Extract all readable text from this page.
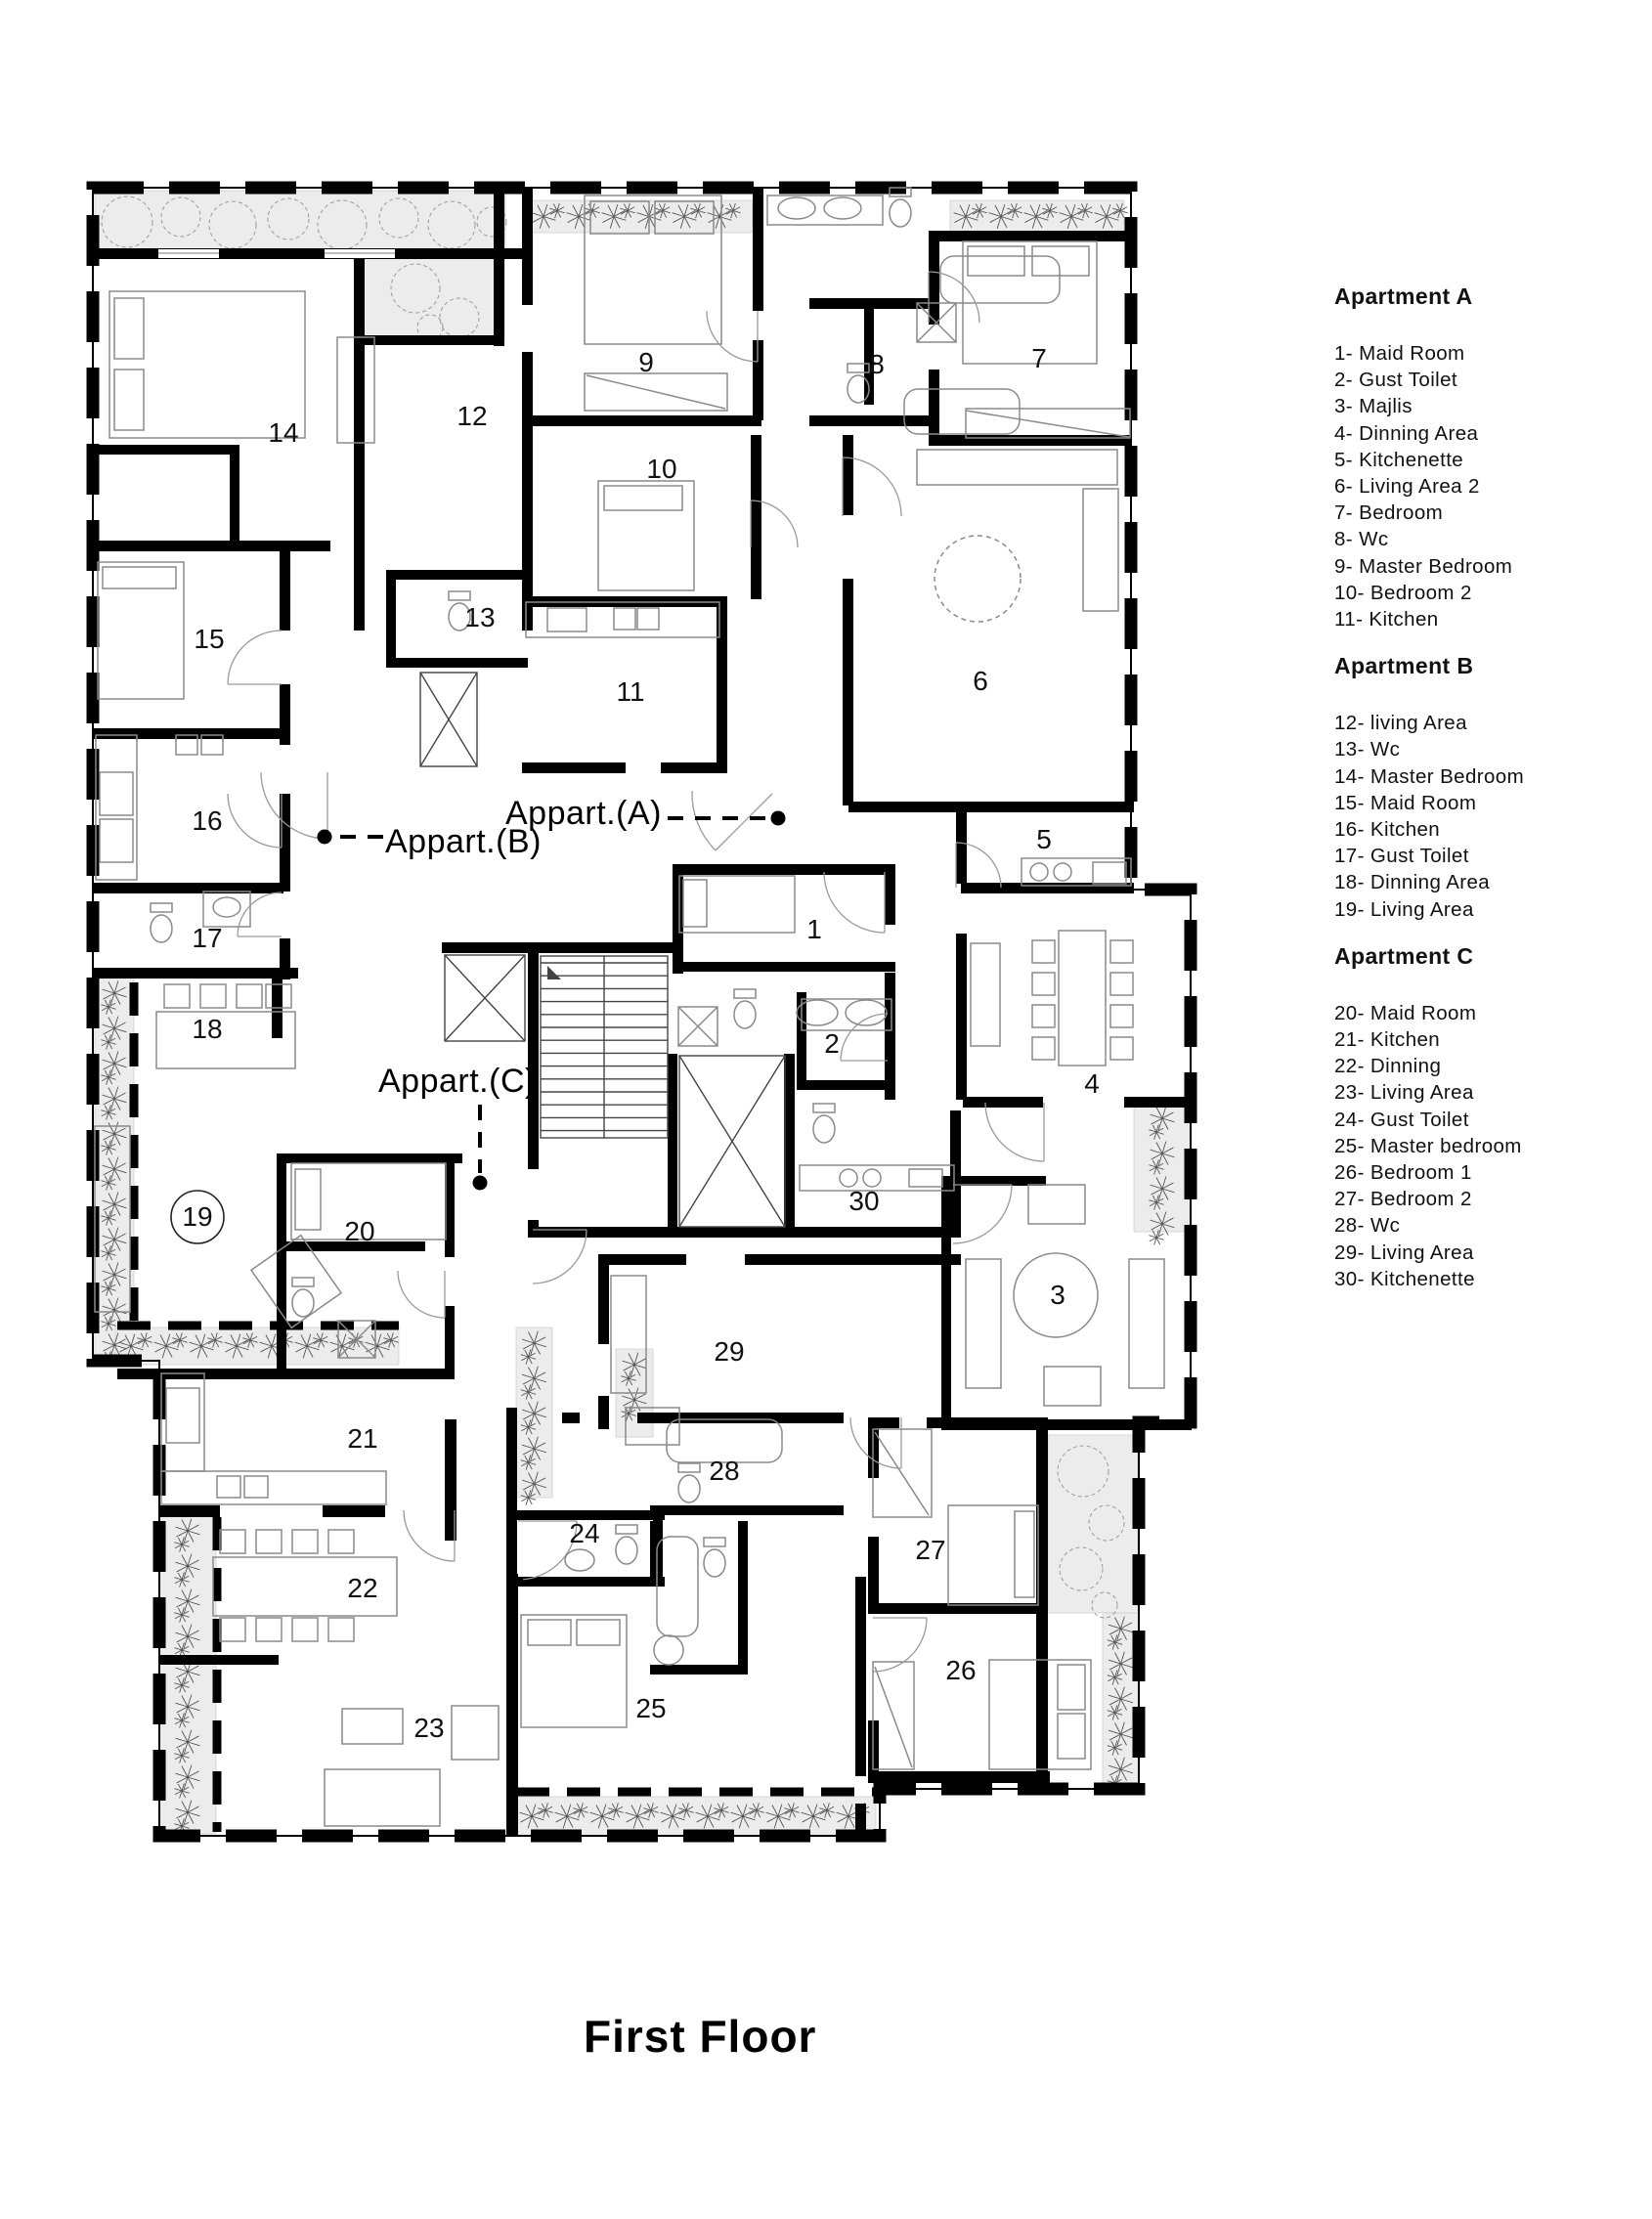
1
2
3
4
5
6
7
8
9
10
11
12
13
14
15
16
17
18
19	20
21
22
23
24
25
26
27
28
29
30
Appart.(A)
Appart.(B)
Appart.(C)
Apartment A
1- Maid Room
2- Gust Toilet
3- Majlis
4- Dinning Area
5- Kitchenette
6- Living Area 2
7- Bedroom
8- Wc
9- Master Bedroom
10- Bedroom 2
11- Kitchen
Apartment B
12- living Area
13- Wc
14- Master Bedroom
15- Maid Room
16- Kitchen
17- Gust Toilet
18- Dinning Area
19- Living Area
Apartment C
20- Maid Room
21- Kitchen
22- Dinning
23- Living Area
24- Gust Toilet
25- Master bedroom
26- Bedroom 1
27- Bedroom 2
28- Wc
29- Living Area
30- Kitchenette
First Floor
